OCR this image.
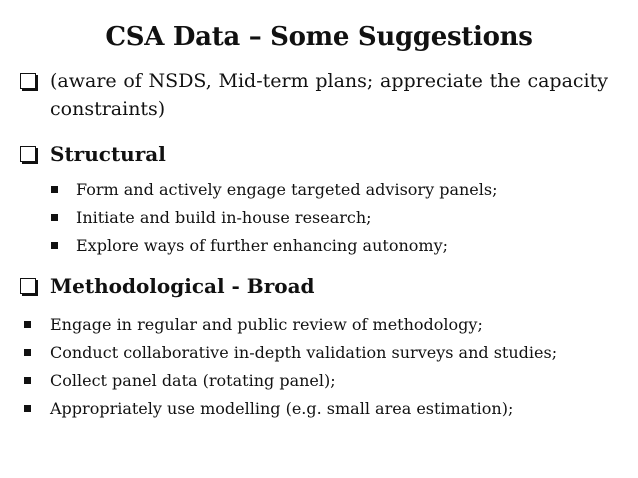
CSA Data – Some Suggestions
(aware of NSDS, Mid-term plans; appreciate the capacity
constraints)
Structural
Form and actively engage targeted advisory panels;
Initiate and build in-house research;
Explore ways of further enhancing autonomy;
Methodological - Broad
Engage in regular and public review of methodology;
Conduct collaborative in-depth validation surveys and studies;
Collect panel data (rotating panel);
Appropriately use modelling (e.g. small area estimation);
